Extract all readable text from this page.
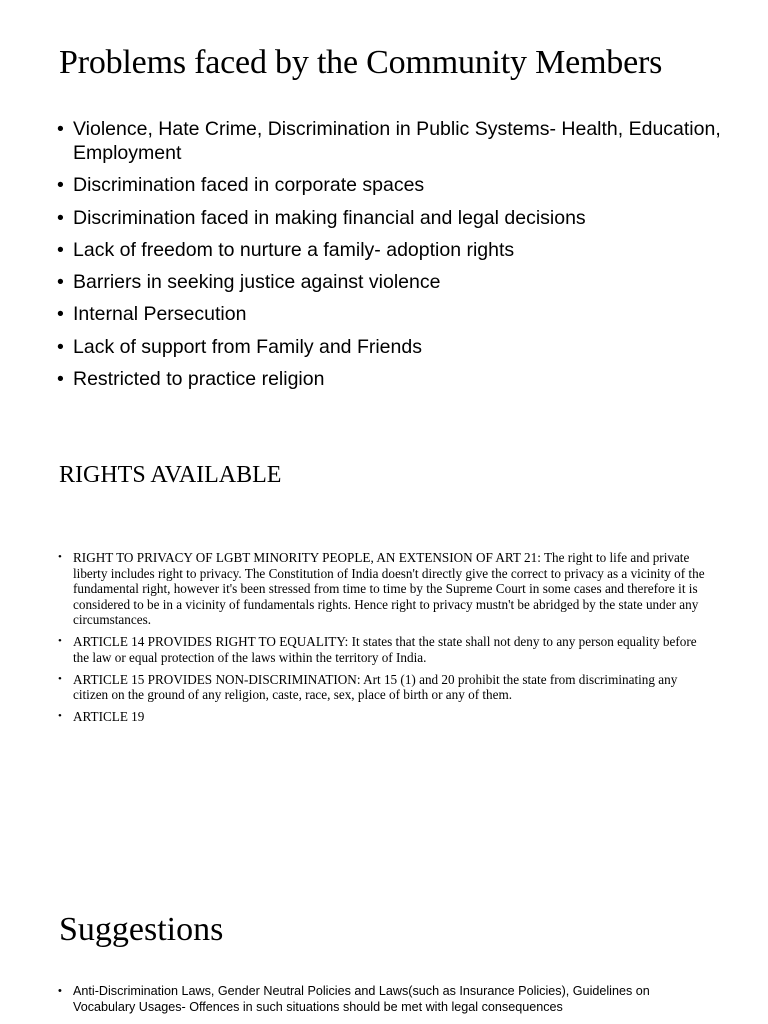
Problems faced by the Community Members
• Violence, Hate Crime, Discrimination in Public Systems- Health, Education, Employment
• Discrimination faced in corporate spaces
• Discrimination faced in making financial and legal decisions
• Lack of freedom to nurture a family- adoption rights
• Barriers in seeking justice against violence
• Internal Persecution
• Lack of support from Family and Friends
• Restricted to practice religion
RIGHTS AVAILABLE
• RIGHT TO PRIVACY OF LGBT MINORITY PEOPLE, AN EXTENSION OF ART 21: The right to life and private liberty includes right to privacy. The Constitution of India doesn't directly give the correct to privacy as a vicinity of the fundamental right, however it's been stressed from time to time by the Supreme Court in some cases and therefore it is considered to be in a vicinity of fundamentals rights. Hence right to privacy mustn't be abridged by the state under any circumstances.
• ARTICLE 14 PROVIDES RIGHT TO EQUALITY: It states that the state shall not deny to any person equality before the law or equal protection of the laws within the territory of India.
• ARTICLE 15 PROVIDES NON-DISCRIMINATION: Art 15 (1) and 20 prohibit the state from discriminating any citizen on the ground of any religion, caste, race, sex, place of birth or any of them.
• ARTICLE 19
Suggestions
• Anti-Discrimination Laws, Gender Neutral Policies and Laws(such as Insurance Policies), Guidelines on Vocabulary Usages- Offences in such situations should be met with legal consequences
